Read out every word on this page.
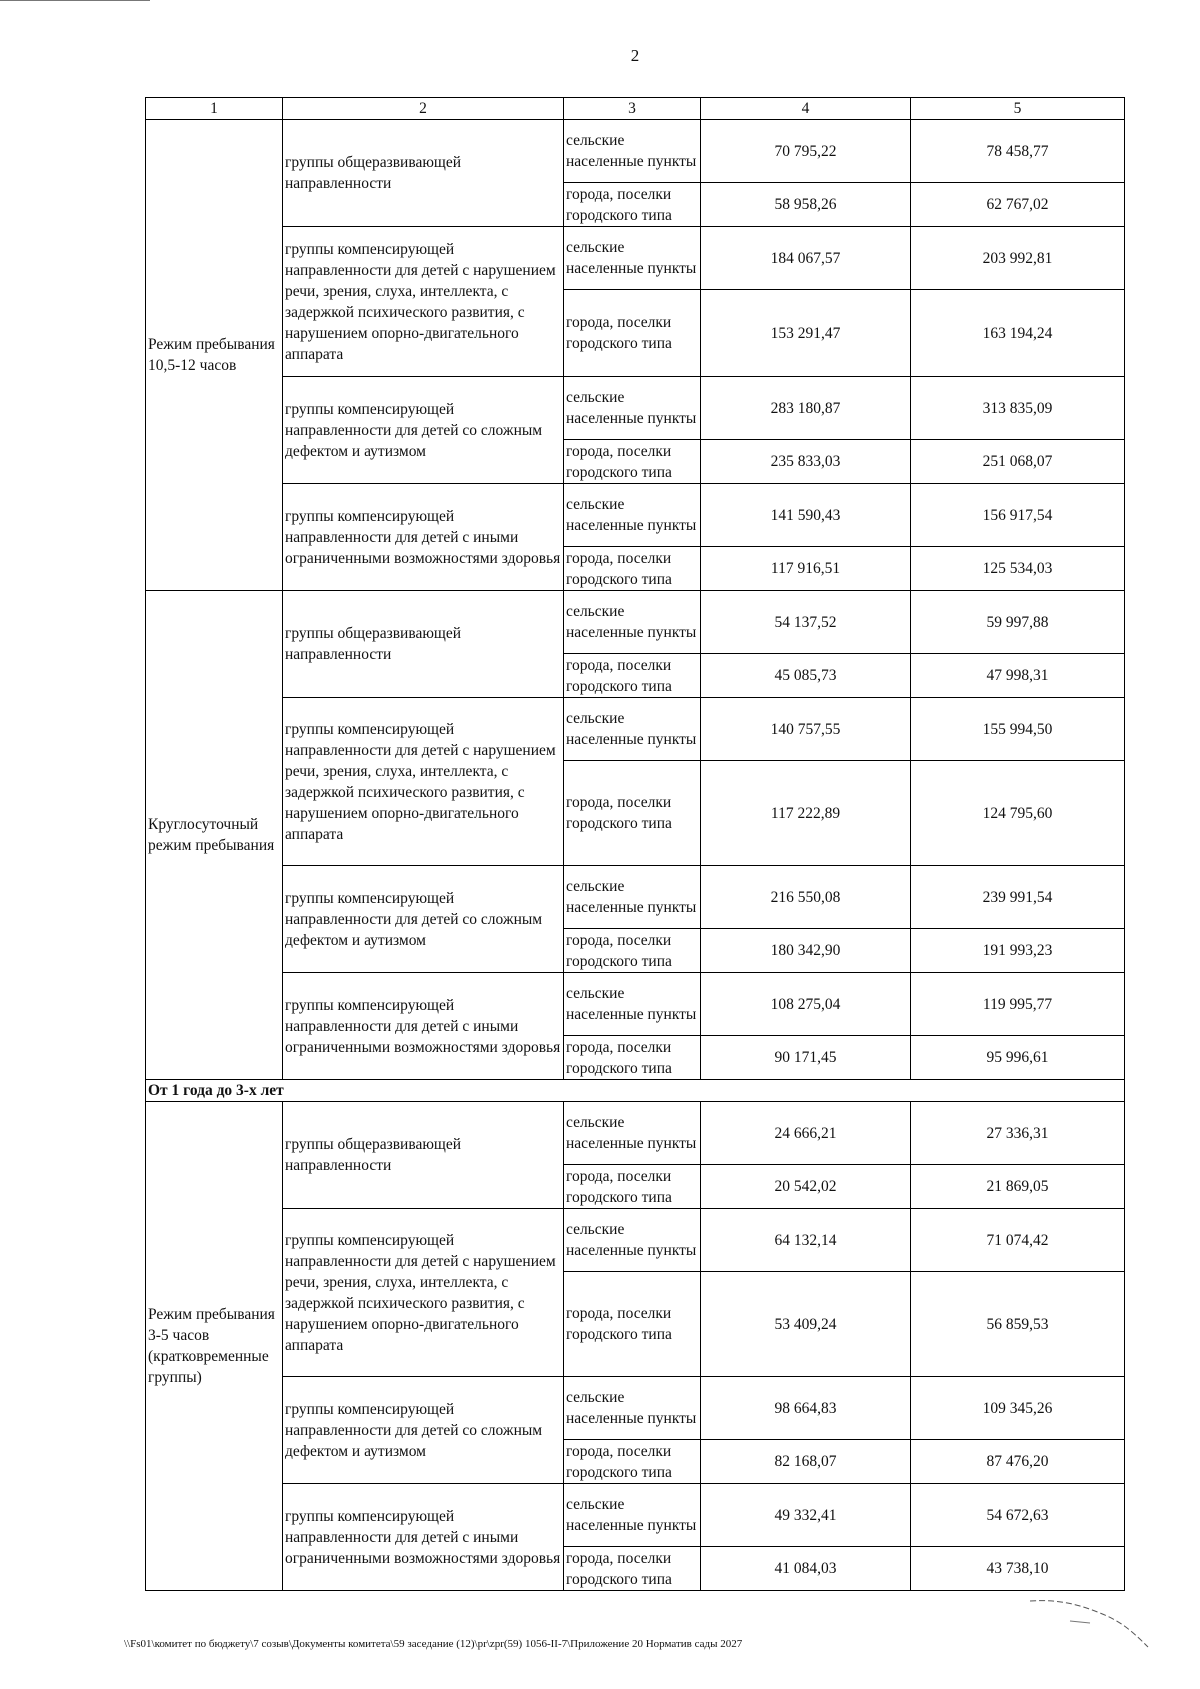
2
1	2	3	4	5
Режим пребывания 10,5-12 часов	группы общеразвивающей направленности	сельские населенные пункты	70 795,22	78 458,77
		города, поселки городского типа	58 958,26	62 767,02
	группы компенсирующей направленности для детей с нарушением речи, зрения, слуха, интеллекта, с задержкой психического развития, с нарушением опорно-двигательного аппарата	сельские населенные пункты	184 067,57	203 992,81
		города, поселки городского типа	153 291,47	163 194,24
	группы компенсирующей направленности для детей со сложным дефектом и аутизмом	сельские населенные пункты	283 180,87	313 835,09
		города, поселки городского типа	235 833,03	251 068,07
	группы компенсирующей направленности для детей с иными ограниченными возможностями здоровья	сельские населенные пункты	141 590,43	156 917,54
		города, поселки городского типа	117 916,51	125 534,03
Круглосуточный режим пребывания	группы общеразвивающей направленности	сельские населенные пункты	54 137,52	59 997,88
		города, поселки городского типа	45 085,73	47 998,31
	группы компенсирующей направленности для детей с нарушением речи, зрения, слуха, интеллекта, с задержкой психического развития, с нарушением опорно-двигательного аппарата	сельские населенные пункты	140 757,55	155 994,50
		города, поселки городского типа	117 222,89	124 795,60
	группы компенсирующей направленности для детей со сложным дефектом и аутизмом	сельские населенные пункты	216 550,08	239 991,54
		города, поселки городского типа	180 342,90	191 993,23
	группы компенсирующей направленности для детей с иными ограниченными возможностями здоровья	сельские населенные пункты	108 275,04	119 995,77
		города, поселки городского типа	90 171,45	95 996,61
От 1 года до 3-х лет				
Режим пребывания 3-5 часов (кратковременные группы)	группы общеразвивающей направленности	сельские населенные пункты	24 666,21	27 336,31
		города, поселки городского типа	20 542,02	21 869,05
	группы компенсирующей направленности для детей с нарушением речи, зрения, слуха, интеллекта, с задержкой психического развития, с нарушением опорно-двигательного аппарата	сельские населенные пункты	64 132,14	71 074,42
		города, поселки городского типа	53 409,24	56 859,53
	группы компенсирующей направленности для детей со сложным дефектом и аутизмом	сельские населенные пункты	98 664,83	109 345,26
		города, поселки городского типа	82 168,07	87 476,20
	группы компенсирующей направленности для детей с иными ограниченными возможностями здоровья	сельские населенные пункты	49 332,41	54 672,63
		города, поселки городского типа	41 084,03	43 738,10
\\Fs01\комитет по бюджету\7 созыв\Документы комитета\59 заседание (12)\pr\zpr(59) 1056-II-7\Приложение 20 Норматив сады 2027
